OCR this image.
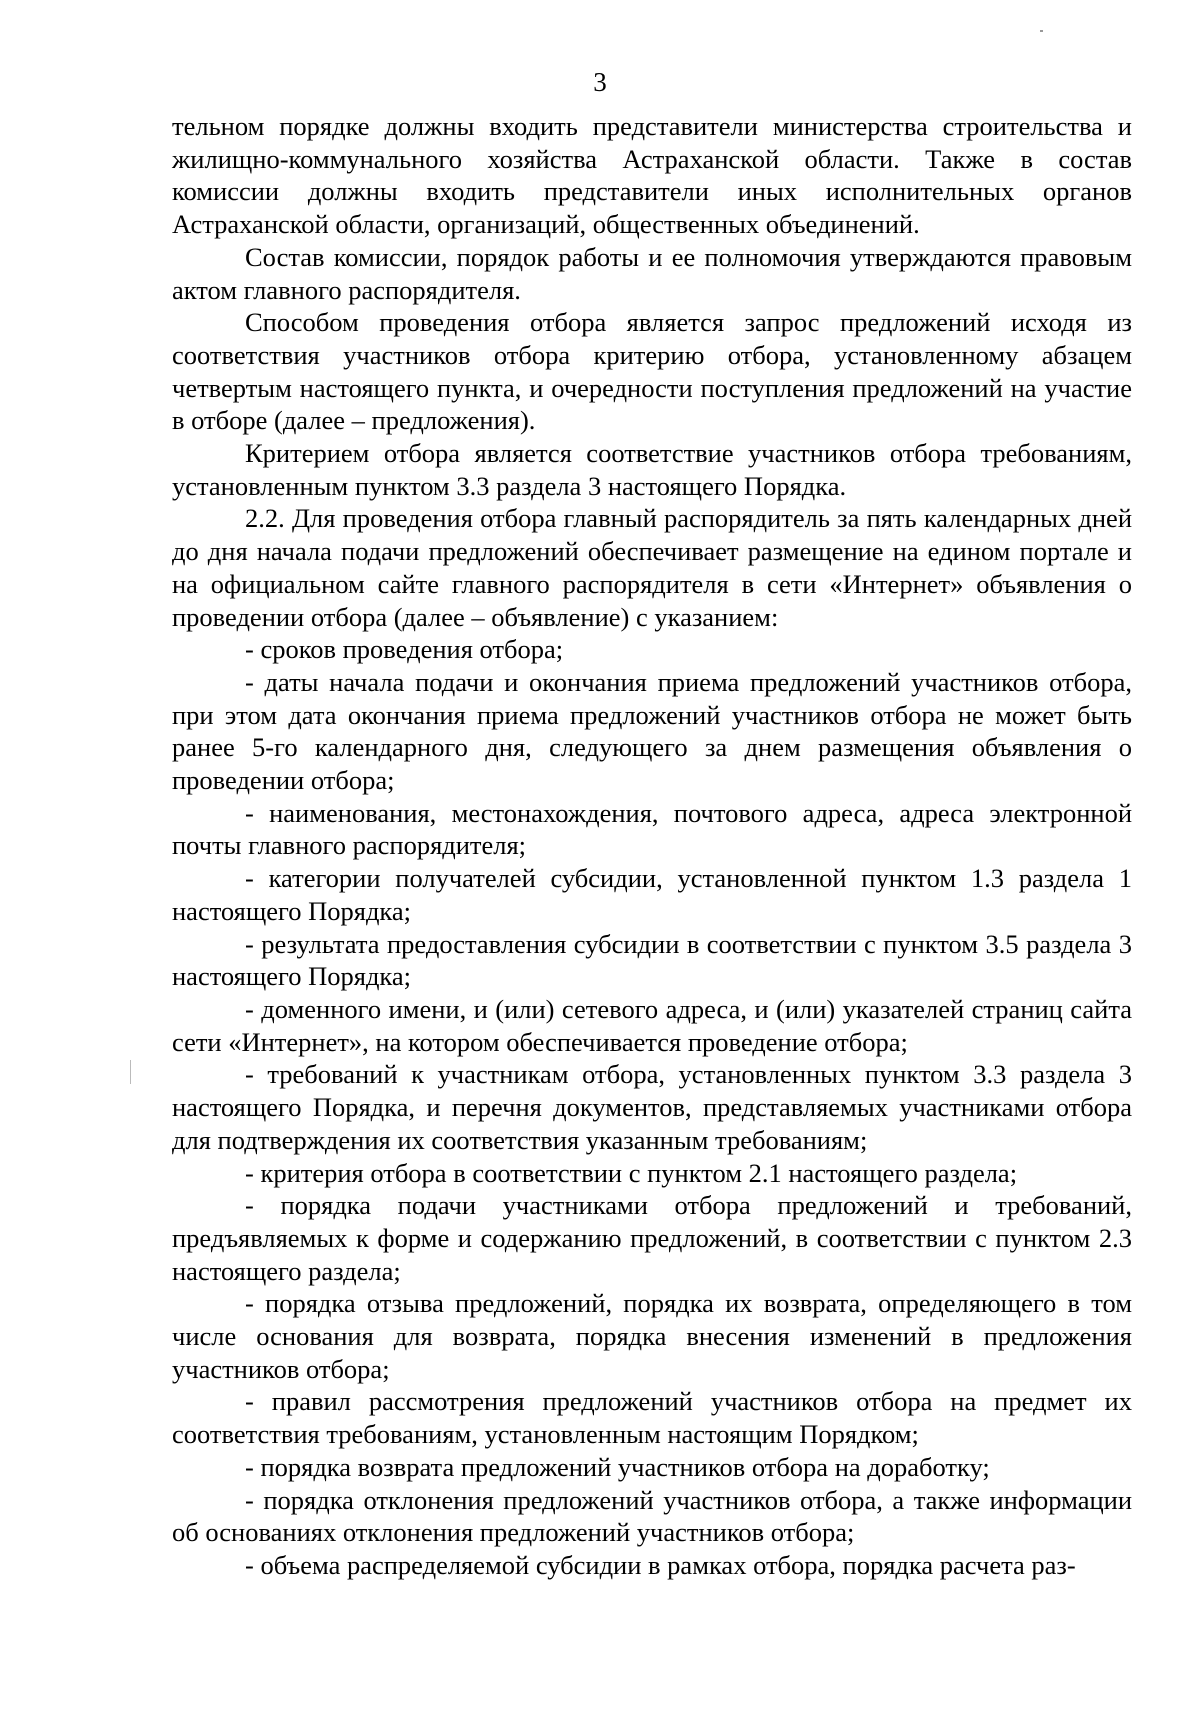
3

тельном порядке должны входить представители министерства строительства и жилищно-коммунального хозяйства Астраханской области. Также в состав комиссии должны входить представители иных исполнительных органов Астраханской области, организаций, общественных объединений.

Состав комиссии, порядок работы и ее полномочия утверждаются правовым актом главного распорядителя.

Способом проведения отбора является запрос предложений исходя из соответствия участников отбора критерию отбора, установленному абзацем четвертым настоящего пункта, и очередности поступления предложений на участие в отборе (далее – предложения).

Критерием отбора является соответствие участников отбора требованиям, установленным пунктом 3.3 раздела 3 настоящего Порядка.

2.2. Для проведения отбора главный распорядитель за пять календарных дней до дня начала подачи предложений обеспечивает размещение на едином портале и на официальном сайте главного распорядителя в сети «Интернет» объявления о проведении отбора (далее – объявление) с указанием:

- сроков проведения отбора;

- даты начала подачи и окончания приема предложений участников отбора, при этом дата окончания приема предложений участников отбора не может быть ранее 5-го календарного дня, следующего за днем размещения объявления о проведении отбора;

- наименования, местонахождения, почтового адреса, адреса электронной почты главного распорядителя;

- категории получателей субсидии, установленной пунктом 1.3 раздела 1 настоящего Порядка;

- результата предоставления субсидии в соответствии с пунктом 3.5 раздела 3 настоящего Порядка;

- доменного имени, и (или) сетевого адреса, и (или) указателей страниц сайта сети «Интернет», на котором обеспечивается проведение отбора;

- требований к участникам отбора, установленных пунктом 3.3 раздела 3 настоящего Порядка, и перечня документов, представляемых участниками отбора для подтверждения их соответствия указанным требованиям;

- критерия отбора в соответствии с пунктом 2.1 настоящего раздела;

- порядка подачи участниками отбора предложений и требований, предъявляемых к форме и содержанию предложений, в соответствии с пунктом 2.3 настоящего раздела;

- порядка отзыва предложений, порядка их возврата, определяющего в том числе основания для возврата, порядка внесения изменений в предложения участников отбора;

- правил рассмотрения предложений участников отбора на предмет их соответствия требованиям, установленным настоящим Порядком;

- порядка возврата предложений участников отбора на доработку;

- порядка отклонения предложений участников отбора, а также информации об основаниях отклонения предложений участников отбора;

- объема распределяемой субсидии в рамках отбора, порядка расчета раз-
